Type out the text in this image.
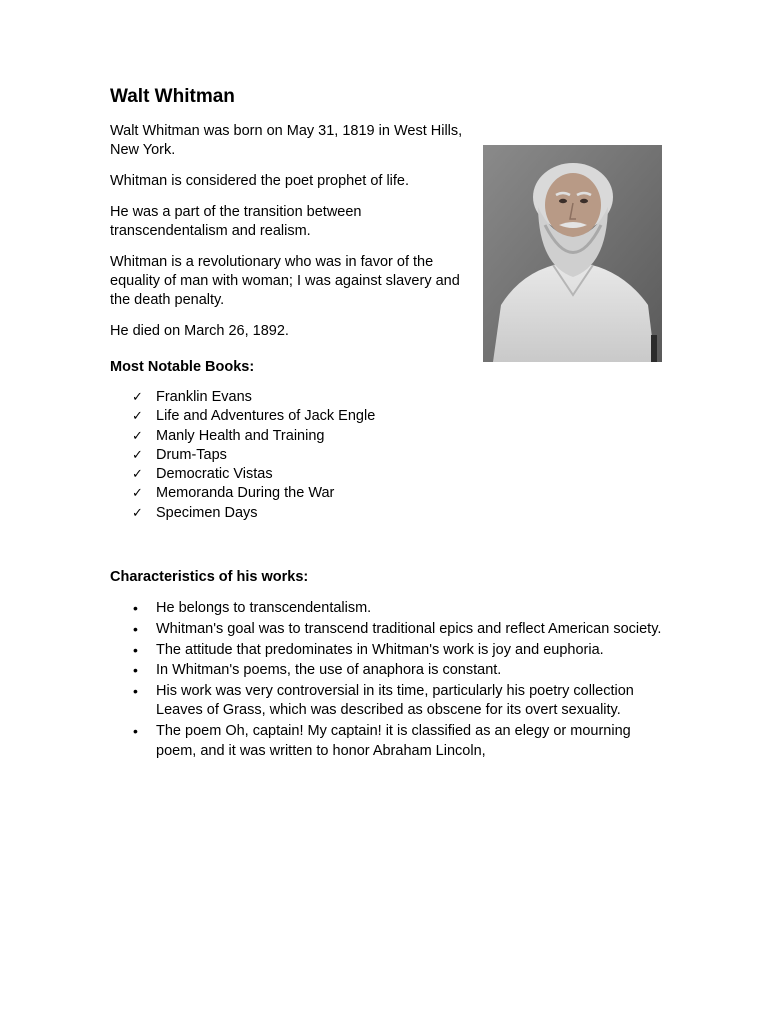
Walt Whitman

Walt Whitman was born on May 31, 1819 in West Hills, New York.

Whitman is considered the poet prophet of life.

He was a part of the transition between transcendentalism and realism.

Whitman is a revolutionary who was in favor of the equality of man with woman; I was against slavery and the death penalty.

He died on March 26, 1892.

Most Notable Books:
✓ Franklin Evans
✓ Life and Adventures of Jack Engle
✓ Manly Health and Training
✓ Drum-Taps
✓ Democratic Vistas
✓ Memoranda During the War
✓ Specimen Days
Characteristics of his works:
• He belongs to transcendentalism.
• Whitman's goal was to transcend traditional epics and reflect American society.
• The attitude that predominates in Whitman's work is joy and euphoria.
• In Whitman's poems, the use of anaphora is constant.
• His work was very controversial in its time, particularly his poetry collection Leaves of Grass, which was described as obscene for its overt sexuality.
• The poem Oh, captain! My captain! it is classified as an elegy or mourning poem, and it was written to honor Abraham Lincoln,
